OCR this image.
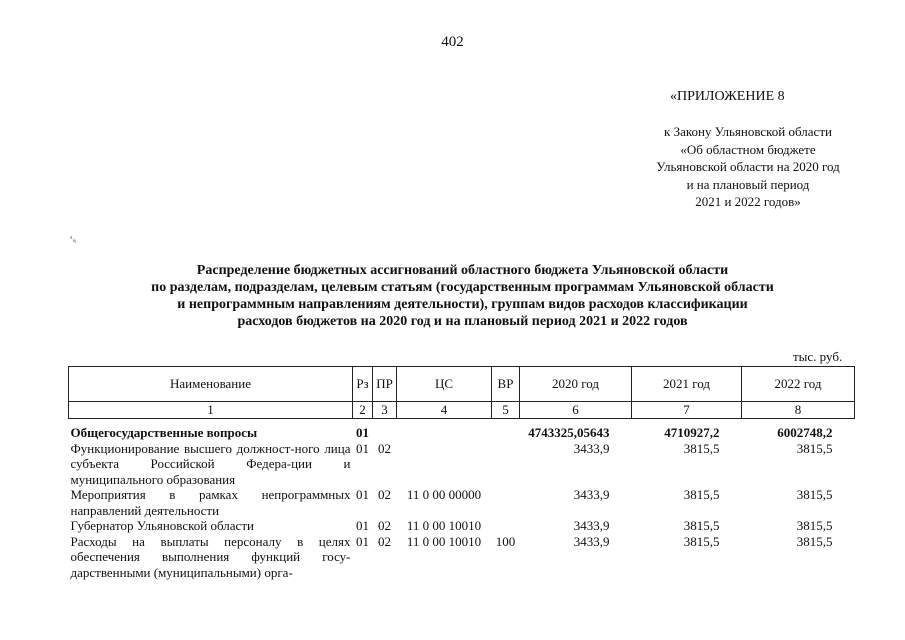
402
«ПРИЛОЖЕНИЕ 8
к Закону Ульяновской области
«Об областном бюджете
Ульяновской области на 2020 год
и на плановый период
2021 и 2022 годов»
ᵃᵢᵧ
Распределение бюджетных ассигнований областного бюджета Ульяновской области
по разделам, подразделам, целевым статьям (государственным программам Ульяновской области
и непрограммным направлениям деятельности), группам видов расходов классификации
расходов бюджетов на 2020 год и на плановый период 2021 и 2022 годов
тыс. руб.
Наименование	Рз	ПР	ЦС	ВР	2020 год	2021 год	2022 год
1	2	3	4	5	6	7	8
Общегосударственные вопросы	01				4743325,05643	4710927,2	6002748,2
Функционирование высшего должност-ного лица субъекта Российской Федера-ции и муниципального образования	01	02			3433,9	3815,5	3815,5
Мероприятия в рамках непрограммных направлений деятельности	01	02	11 0 00 00000		3433,9	3815,5	3815,5
Губернатор Ульяновской области	01	02	11 0 00 10010		3433,9	3815,5	3815,5
Расходы на выплаты персоналу в целях обеспечения выполнения функций госу-дарственными (муниципальными) орга-	01	02	11 0 00 10010	100	3433,9	3815,5	3815,5
